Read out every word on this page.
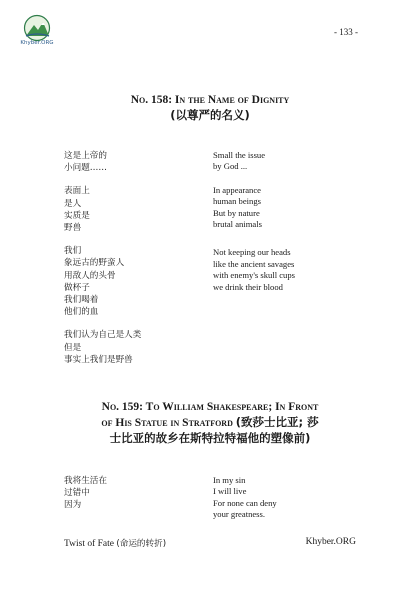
Khyber.ORG
- 133 -
No. 158: In the Name of Dignity
(以尊严的名义)
这是上帝的
小问题……
表面上
是人
实质是
野兽
我们
象远古的野蛮人
用敌人的头骨
做杯子
我们喝着
他们的血
我们认为自己是人类
但是
事实上我们是野兽
Small the issue
by God ...
In appearance
human beings
But by nature
brutal animals
Not keeping our heads
like the ancient savages
with enemy's skull cups
we drink their blood
No. 159: To William Shakespeare; In Front
of His Statue in Stratford (致莎士比亚; 莎
士比亚的故乡在斯特拉特福他的塑像前)
我将生活在
过错中
因为
In my sin
I will live
For none can deny
your greatness.
Twist of Fate (命运的转折)	Khyber.ORG
